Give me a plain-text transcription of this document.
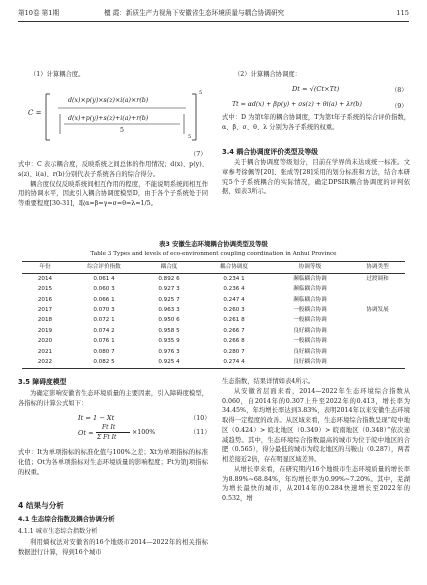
第10卷 第1期	檀 霞：新质生产力视角下安徽省生态环境质量与耦合协调研究	115

（1）计算耦合度。

C =
d(x)×p(y)×s(z)×i(a)×r(b)
d(x)+p(y)+s(z)+i(a)+r(b)
5
5
5
（7）

式中：C 表示耦合度，反映系统之间总体的作用情况；d(x)、p(y)、s(z)、i(a)、r(b)分别代表子系统各自的综合得分。

耦合度仅仅反映系统间相互作用的程度，不能说明系统间相互作用的协调水平，因此引入耦合协调度模型D，由于各个子系统处于同等重要程度[30-31]，取α=β=γ=σ=θ=λ=1/5。

（2）计算耦合协调度：

Dt = √(Ct×Tt)	（8）
Tt = αd(x) + βp(y) + σs(z) + θi(a) + λr(b)	（9）

式中：D 为第t年的耦合协调度，T为第t年子系统的综合评价指数，α、β、σ、θ、λ 分别为各子系统的权重。

3.4 耦合协调度评价类型及等级

关于耦合协调度等级划分，目前在学界尚未达成统一标准。文章参考徐佩等[20]、张成等[28]采用的划分标准和方法，结合本研究5个子系统耦合的实际情况，确定DPSIR耦合协调度的评判依据，如表3所示。

表3 安徽生态环境耦合协调类型及等级
Table 3 Types and levels of eco-environment coupling coordination in Anhui Province
年份	综合评价指数	耦合度	耦合协调度	协调等级	协调类型
2014	0.061 4	0.892 6	0.234 1	濒临耦合协调	过渡调和
2015	0.060 3	0.927 3	0.236 4	濒临耦合协调	
2016	0.066 1	0.925 7	0.247 4	濒临耦合协调	
2017	0.070 3	0.963 3	0.260 3	一般耦合协调	协调发展
2018	0.072 1	0.950 6	0.261 8	一般耦合协调	
2019	0.074 2	0.958 5	0.266 7	良好耦合协调	
2020	0.076 1	0.935 9	0.266 8	一般耦合协调	
2021	0.080 7	0.976 3	0.280 7	良好耦合协调	
2022	0.082 5	0.925 4	0.274 4	良好耦合协调	
3.5 障碍度模型

为确定影响安徽省生态环境质量的主要因素，引入障碍度模型，各指标的计算公式如下：

It = 1 − Xt	（10）
Ot =
Ft It
Σ Ft It
×100%	（11）

式中：It为单项指标的标准化值与100%之差；Xt为单项指标的标准化值；Ot为各单项指标对生态环境质量的影响程度；Ft为第j项指标的权重。

4 结果与分析
4.1 生态综合指数及耦合协调分析
4.1.1 城市生态综合指数分析

利用熵权法对安徽省的16个地级市2014—2022年的相关指标数据进行计算，得到16个城市

生态指数，结果详情如表4所示。

从安徽省层面来看，2014—2022年生态环境综合指数从0.060，自2014年的0.307上升至2022年的0.413，增长率为34.45%，年均增长率达到3.83%，表明2014年以来安徽生态环境取得一定程度的改善。从区域来看，生态环境综合指数呈现“皖中地区（0.424）> 皖北地区（0.349）> 皖南地区（0.348）”依次递减趋势。其中，生态环境综合指数最高的城市为位于皖中地区的合肥（0.565），得分最低的城市为皖北地区的马鞍山（0.287），两者相差接近2倍，存在明显区域差异。

从增长率来看，在研究期内16个地级市生态环境质量的增长率为8.89%~68.84%，年均增长率为0.99%~7.20%。其中，芜湖为增长最快的城市，从2014年的0.284快速增长至2022年的0.532，增
